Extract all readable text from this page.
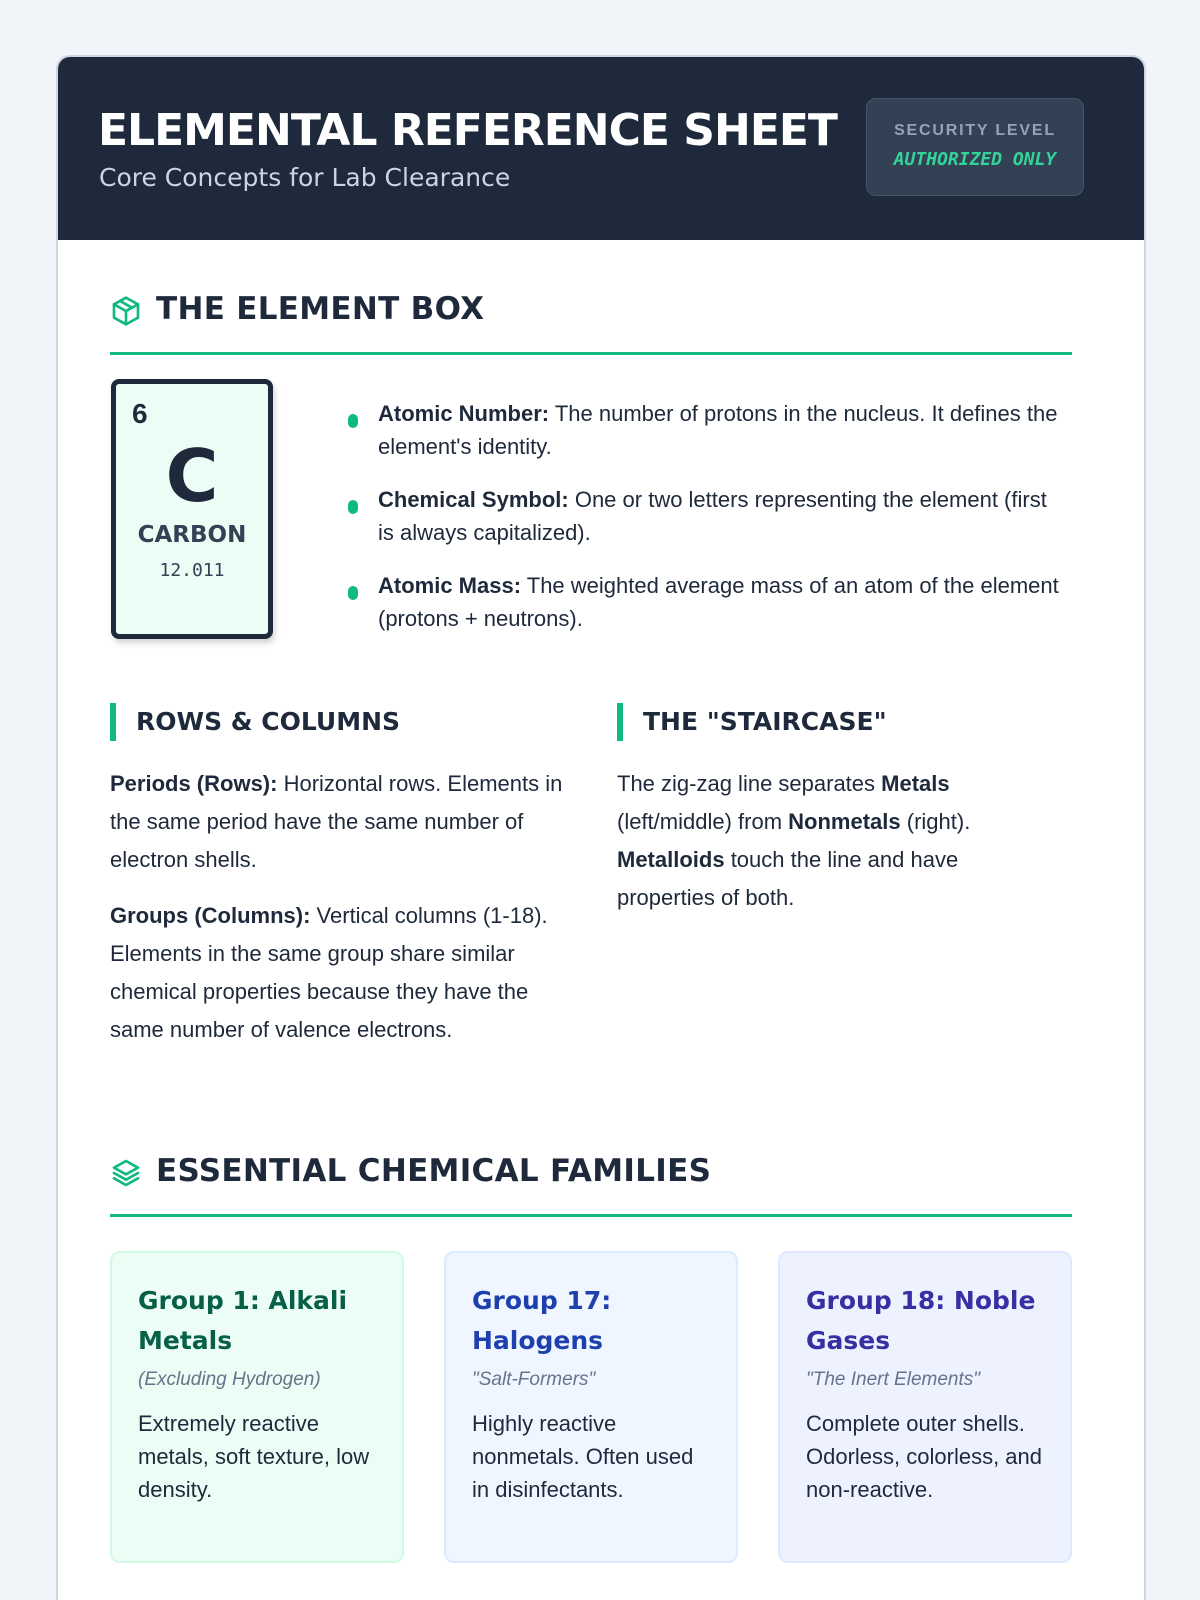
ELEMENTAL REFERENCE SHEET
Core Concepts for Lab Clearance
SECURITY LEVEL
AUTHORIZED ONLY
THE ELEMENT BOX
6
C
CARBON
12.011
Atomic Number: The number of protons in the nucleus. It defines the element's identity.
Chemical Symbol: One or two letters representing the element (first is always capitalized).
Atomic Mass: The weighted average mass of an atom of the element (protons + neutrons).
ROWS & COLUMNS

Periods (Rows): Horizontal rows. Elements in the same period have the same number of electron shells.

Groups (Columns): Vertical columns (1-18). Elements in the same group share similar chemical properties because they have the same number of valence electrons.

THE "STAIRCASE"

The zig-zag line separates Metals (left/middle) from Nonmetals (right). Metalloids touch the line and have properties of both.

ESSENTIAL CHEMICAL FAMILIES
Group 1: Alkali Metals
(Excluding Hydrogen)
Extremely reactive metals, soft texture, low density.
Group 17: Halogens
"Salt-Formers"
Highly reactive nonmetals. Often used in disinfectants.
Group 18: Noble Gases
"The Inert Elements"
Complete outer shells. Odorless, colorless, and non-reactive.
